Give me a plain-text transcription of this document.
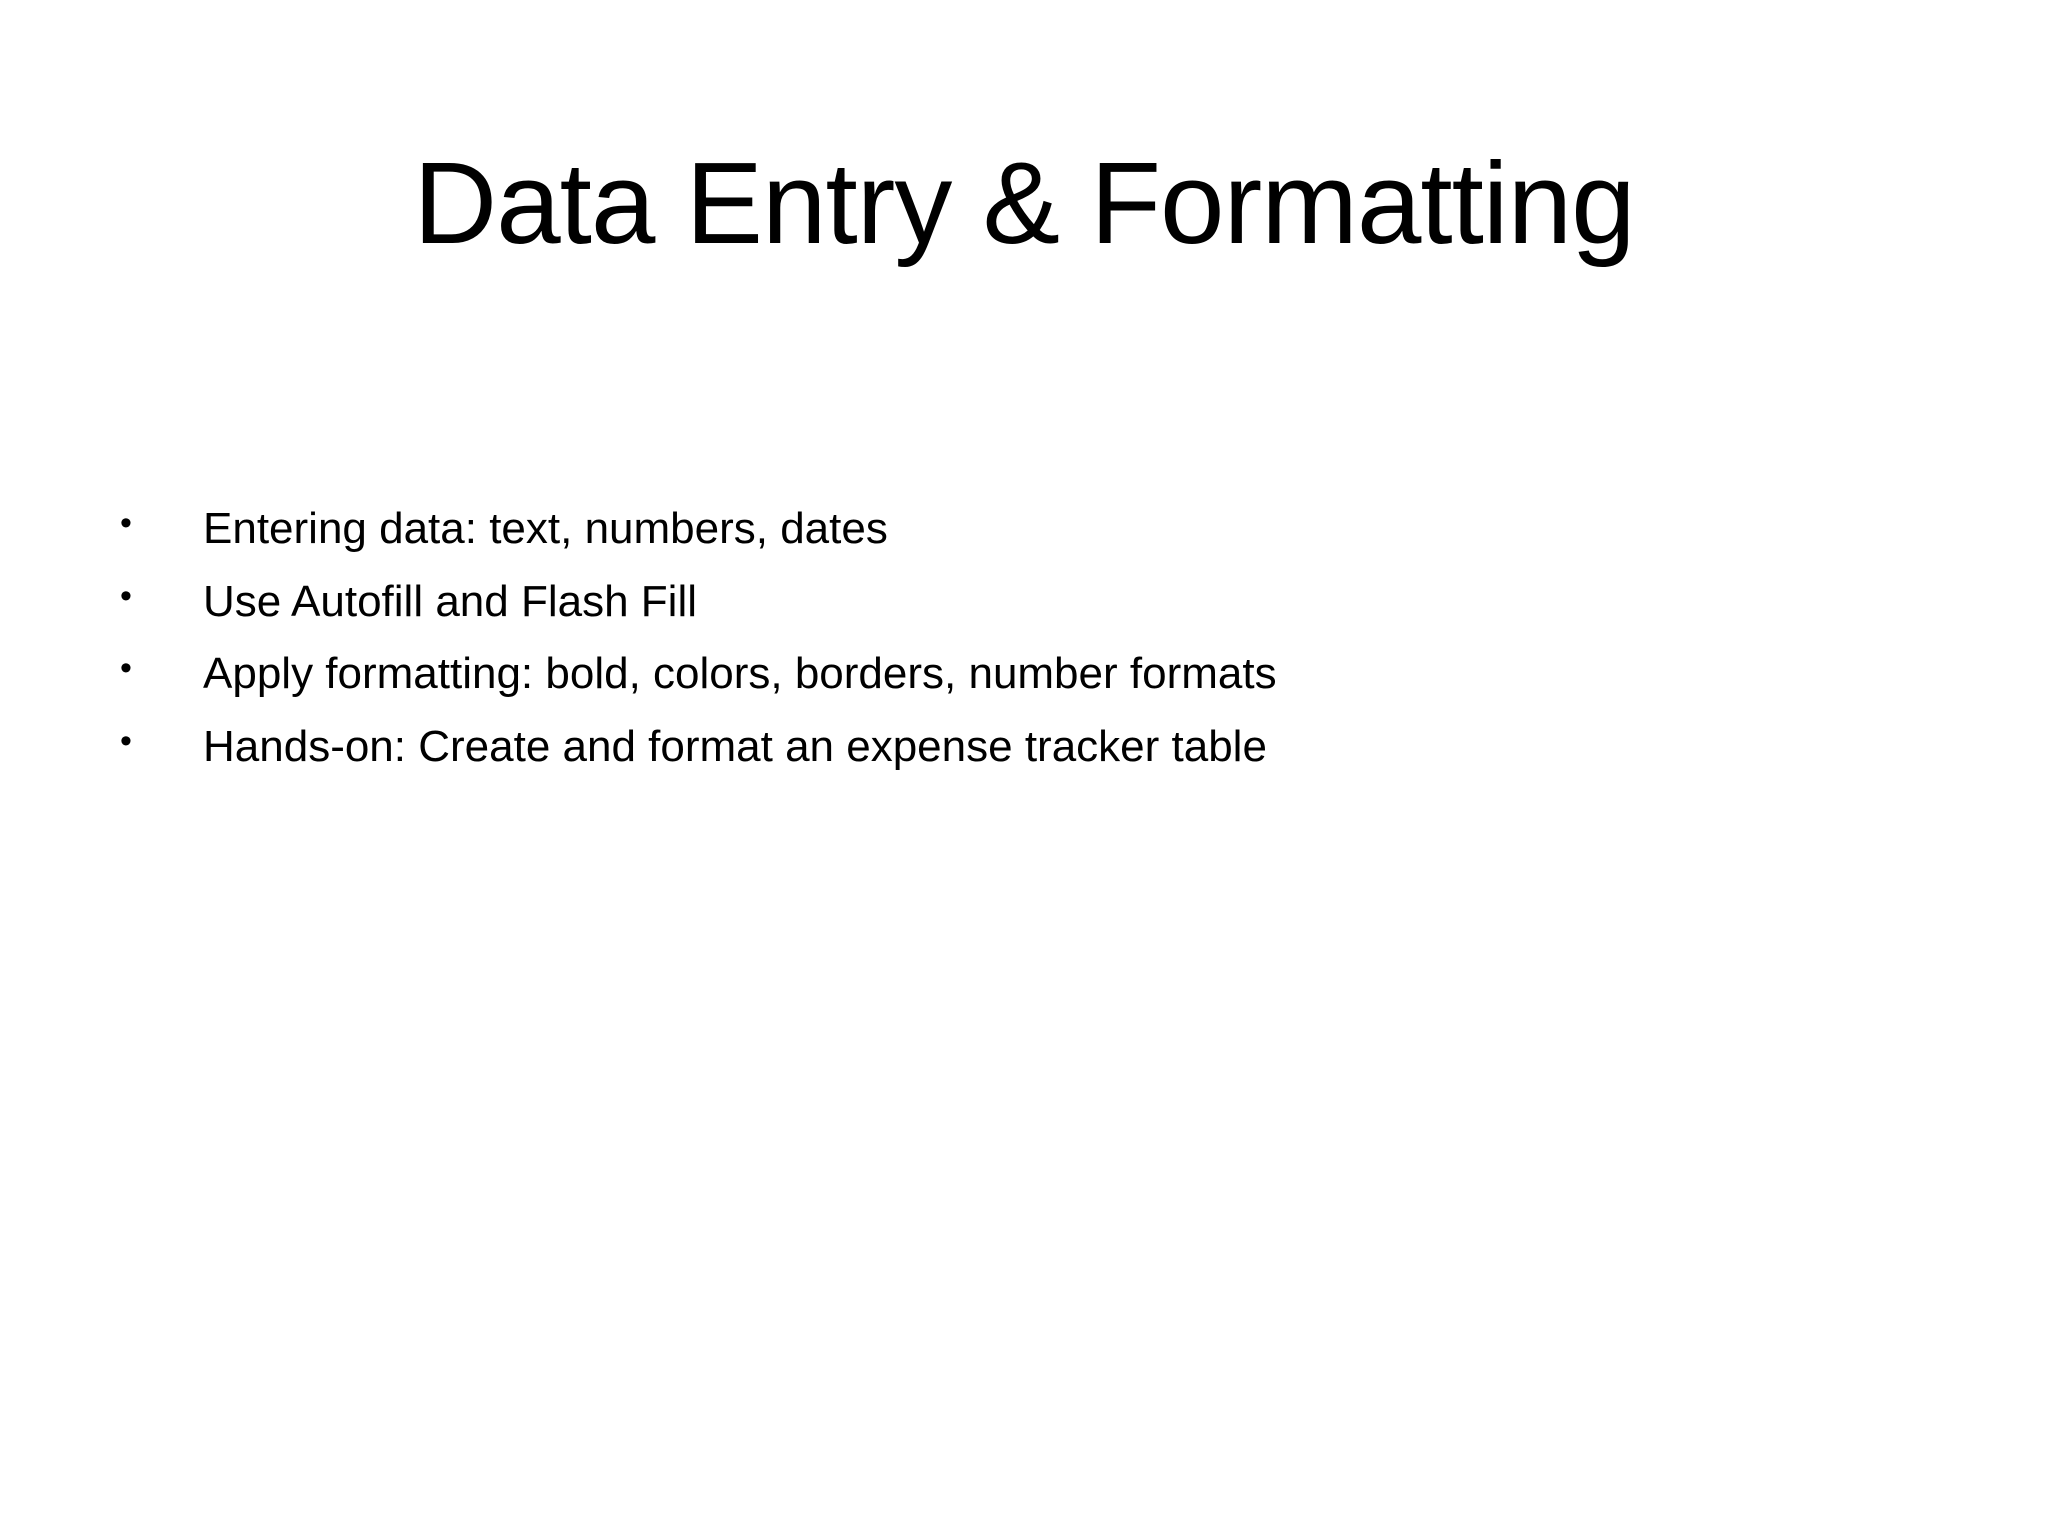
Data Entry & Formatting
•	Entering data: text, numbers, dates
•	Use Autofill and Flash Fill
•	Apply formatting: bold, colors, borders, number formats
•	Hands-on: Create and format an expense tracker table
